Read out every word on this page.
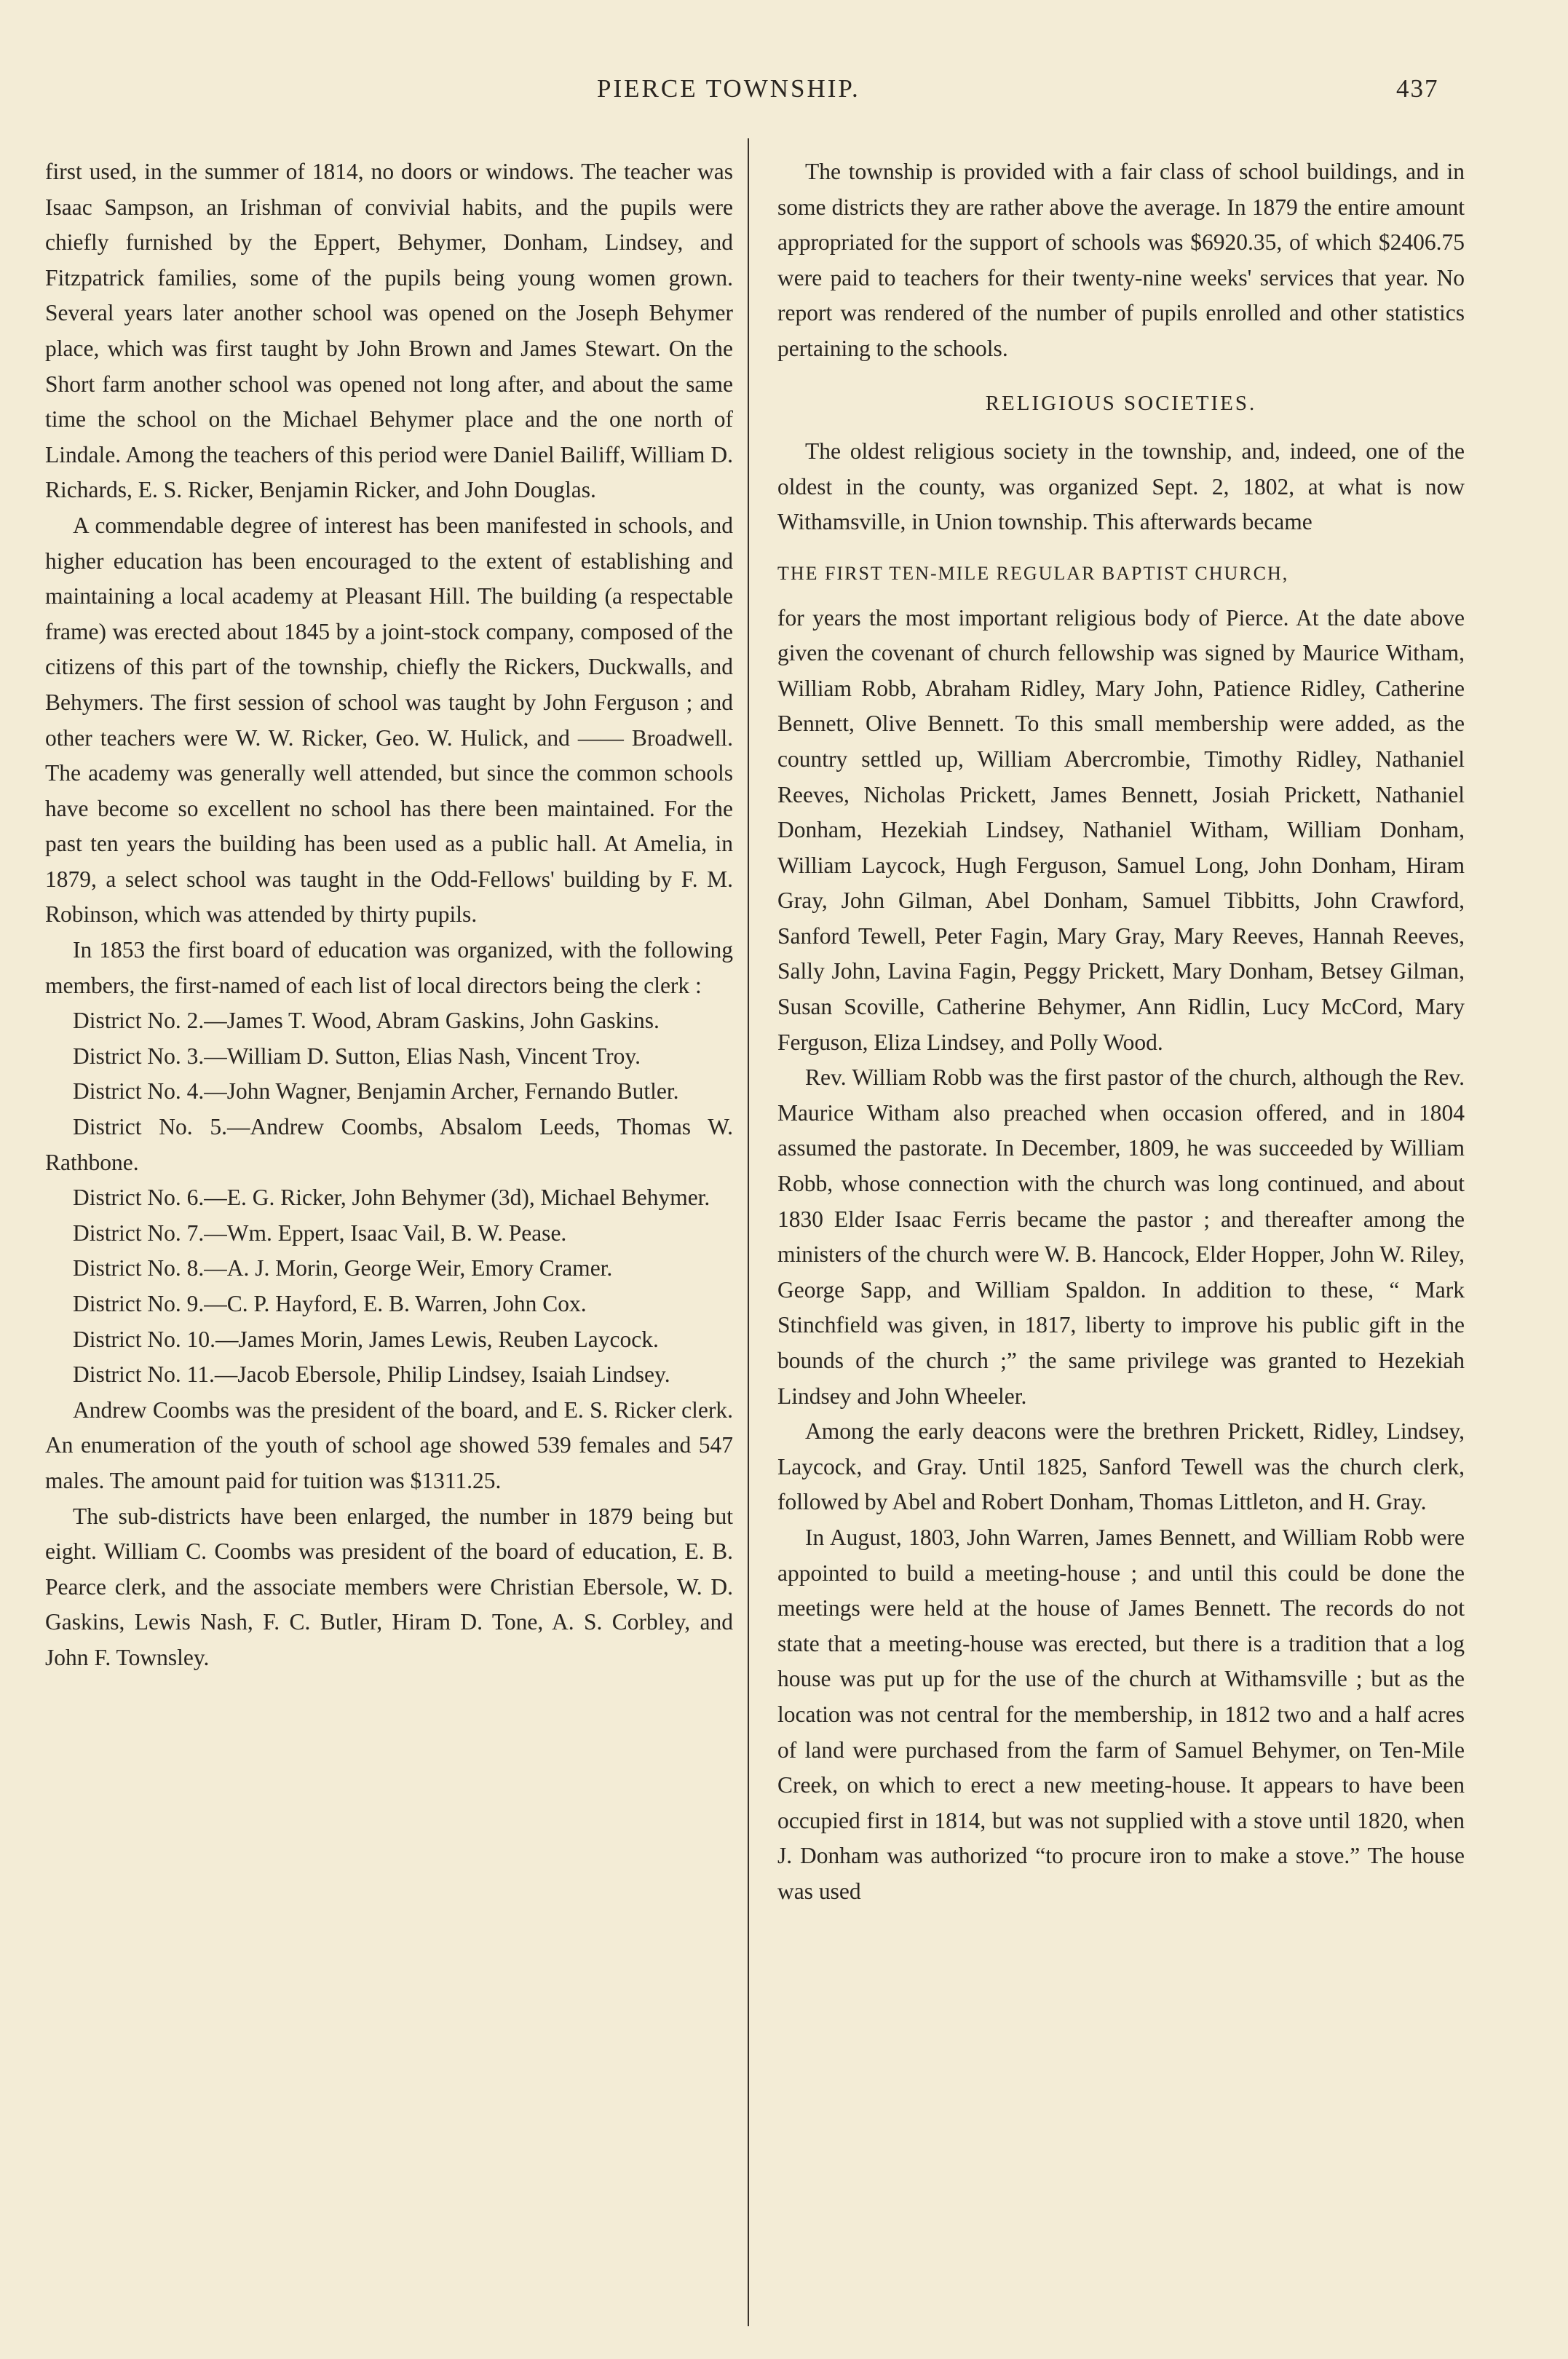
PIERCE TOWNSHIP.	437

first used, in the summer of 1814, no doors or windows. The teacher was Isaac Sampson, an Irishman of convivial habits, and the pupils were chiefly furnished by the Eppert, Behymer, Donham, Lindsey, and Fitzpatrick families, some of the pupils being young women grown. Several years later another school was opened on the Joseph Behymer place, which was first taught by John Brown and James Stewart. On the Short farm another school was opened not long after, and about the same time the school on the Michael Behymer place and the one north of Lindale. Among the teachers of this period were Daniel Bailiff, William D. Richards, E. S. Ricker, Benjamin Ricker, and John Douglas.

A commendable degree of interest has been manifested in schools, and higher education has been encouraged to the extent of establishing and maintaining a local academy at Pleasant Hill. The building (a respectable frame) was erected about 1845 by a joint-stock company, composed of the citizens of this part of the township, chiefly the Rickers, Duckwalls, and Behymers. The first session of school was taught by John Ferguson ; and other teachers were W. W. Ricker, Geo. W. Hulick, and —— Broadwell. The academy was generally well attended, but since the common schools have become so excellent no school has there been maintained. For the past ten years the building has been used as a public hall. At Amelia, in 1879, a select school was taught in the Odd-Fellows' building by F. M. Robinson, which was attended by thirty pupils.

In 1853 the first board of education was organized, with the following members, the first-named of each list of local directors being the clerk :

District No. 2.—James T. Wood, Abram Gaskins, John Gaskins.

District No. 3.—William D. Sutton, Elias Nash, Vincent Troy.

District No. 4.—John Wagner, Benjamin Archer, Fernando Butler.

District No. 5.—Andrew Coombs, Absalom Leeds, Thomas W. Rathbone.

District No. 6.—E. G. Ricker, John Behymer (3d), Michael Behymer.

District No. 7.—Wm. Eppert, Isaac Vail, B. W. Pease.

District No. 8.—A. J. Morin, George Weir, Emory Cramer.

District No. 9.—C. P. Hayford, E. B. Warren, John Cox.

District No. 10.—James Morin, James Lewis, Reuben Laycock.

District No. 11.—Jacob Ebersole, Philip Lindsey, Isaiah Lindsey.

Andrew Coombs was the president of the board, and E. S. Ricker clerk. An enumeration of the youth of school age showed 539 females and 547 males. The amount paid for tuition was $1311.25.

The sub-districts have been enlarged, the number in 1879 being but eight. William C. Coombs was president of the board of education, E. B. Pearce clerk, and the associate members were Christian Ebersole, W. D. Gaskins, Lewis Nash, F. C. Butler, Hiram D. Tone, A. S. Corbley, and John F. Townsley.

The township is provided with a fair class of school buildings, and in some districts they are rather above the average. In 1879 the entire amount appropriated for the support of schools was $6920.35, of which $2406.75 were paid to teachers for their twenty-nine weeks' services that year. No report was rendered of the number of pupils enrolled and other statistics pertaining to the schools.

RELIGIOUS SOCIETIES.

The oldest religious society in the township, and, indeed, one of the oldest in the county, was organized Sept. 2, 1802, at what is now Withamsville, in Union township. This afterwards became

THE FIRST TEN-MILE REGULAR BAPTIST CHURCH,

for years the most important religious body of Pierce. At the date above given the covenant of church fellowship was signed by Maurice Witham, William Robb, Abraham Ridley, Mary John, Patience Ridley, Catherine Bennett, Olive Bennett. To this small membership were added, as the country settled up, William Abercrombie, Timothy Ridley, Nathaniel Reeves, Nicholas Prickett, James Bennett, Josiah Prickett, Nathaniel Donham, Hezekiah Lindsey, Nathaniel Witham, William Donham, William Laycock, Hugh Ferguson, Samuel Long, John Donham, Hiram Gray, John Gilman, Abel Donham, Samuel Tibbitts, John Crawford, Sanford Tewell, Peter Fagin, Mary Gray, Mary Reeves, Hannah Reeves, Sally John, Lavina Fagin, Peggy Prickett, Mary Donham, Betsey Gilman, Susan Scoville, Catherine Behymer, Ann Ridlin, Lucy McCord, Mary Ferguson, Eliza Lindsey, and Polly Wood.

Rev. William Robb was the first pastor of the church, although the Rev. Maurice Witham also preached when occasion offered, and in 1804 assumed the pastorate. In December, 1809, he was succeeded by William Robb, whose connection with the church was long continued, and about 1830 Elder Isaac Ferris became the pastor ; and thereafter among the ministers of the church were W. B. Hancock, Elder Hopper, John W. Riley, George Sapp, and William Spaldon. In addition to these, “ Mark Stinchfield was given, in 1817, liberty to improve his public gift in the bounds of the church ;” the same privilege was granted to Hezekiah Lindsey and John Wheeler.

Among the early deacons were the brethren Prickett, Ridley, Lindsey, Laycock, and Gray. Until 1825, Sanford Tewell was the church clerk, followed by Abel and Robert Donham, Thomas Littleton, and H. Gray.

In August, 1803, John Warren, James Bennett, and William Robb were appointed to build a meeting-house ; and until this could be done the meetings were held at the house of James Bennett. The records do not state that a meeting-house was erected, but there is a tradition that a log house was put up for the use of the church at Withamsville ; but as the location was not central for the membership, in 1812 two and a half acres of land were purchased from the farm of Samuel Behymer, on Ten-Mile Creek, on which to erect a new meeting-house. It appears to have been occupied first in 1814, but was not supplied with a stove until 1820, when J. Donham was authorized “to procure iron to make a stove.” The house was used
